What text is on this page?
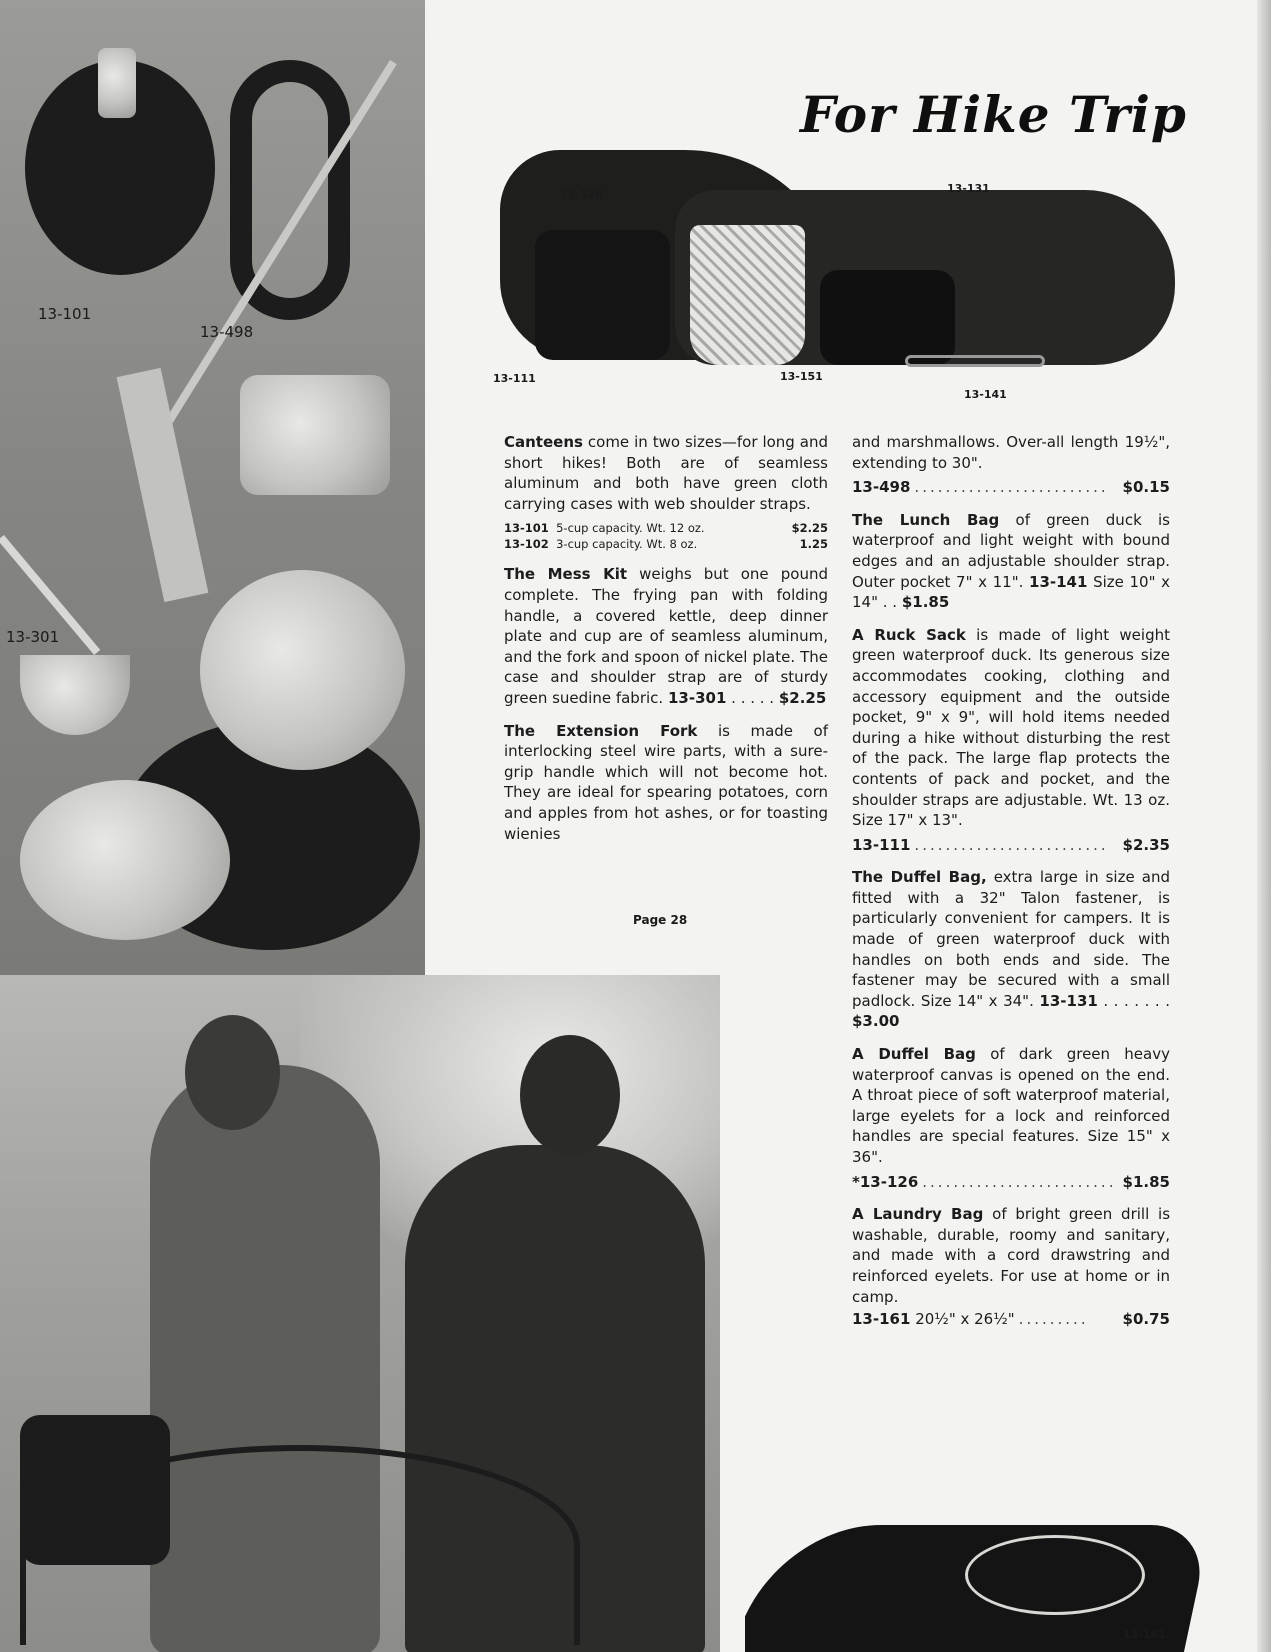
13-101
13-498
13-301
13-126	13-131
13-111	13-151
13-141
For Hike Trip

Canteens come in two sizes—for long and short hikes! Both are of seamless aluminum and both have green cloth carrying cases with web shoulder straps.

13-101 5-cup capacity. Wt. 12 oz.	$2.25
13-102 3-cup capacity. Wt. 8 oz.	1.25

The Mess Kit weighs but one pound complete. The frying pan with folding handle, a covered kettle, deep dinner plate and cup are of seamless aluminum, and the fork and spoon of nickel plate. The case and shoulder strap are of sturdy green suedine fabric. 13-301 . . . . . $2.25

The Extension Fork is made of interlocking steel wire parts, with a sure-grip handle which will not become hot. They are ideal for spearing potatoes, corn and apples from hot ashes, or for toasting wienies

Page 28

and marshmallows. Over-all length 19½", extending to 30".

13-498 ......................... $0.15

The Lunch Bag of green duck is waterproof and light weight with bound edges and an adjustable shoulder strap. Outer pocket 7" x 11". 13-141 Size 10" x 14" . . $1.85

A Ruck Sack is made of light weight green waterproof duck. Its generous size accommodates cooking, clothing and accessory equipment and the outside pocket, 9" x 9", will hold items needed during a hike without disturbing the rest of the pack. The large flap protects the contents of pack and pocket, and the shoulder straps are adjustable. Wt. 13 oz. Size 17" x 13".

13-111 ......................... $2.35

The Duffel Bag, extra large in size and fitted with a 32" Talon fastener, is particularly convenient for campers. It is made of green waterproof duck with handles on both ends and side. The fastener may be secured with a small padlock. Size 14" x 34". 13-131 . . . . . . . $3.00

A Duffel Bag of dark green heavy waterproof canvas is opened on the end. A throat piece of soft waterproof material, large eyelets for a lock and reinforced handles are special features. Size 15" x 36".

*13-126 ......................... $1.85

A Laundry Bag of bright green drill is washable, durable, roomy and sanitary, and made with a cord drawstring and reinforced eyelets. For use at home or in camp.

13-161 20½" x 26½" .........	$0.75
13-161
